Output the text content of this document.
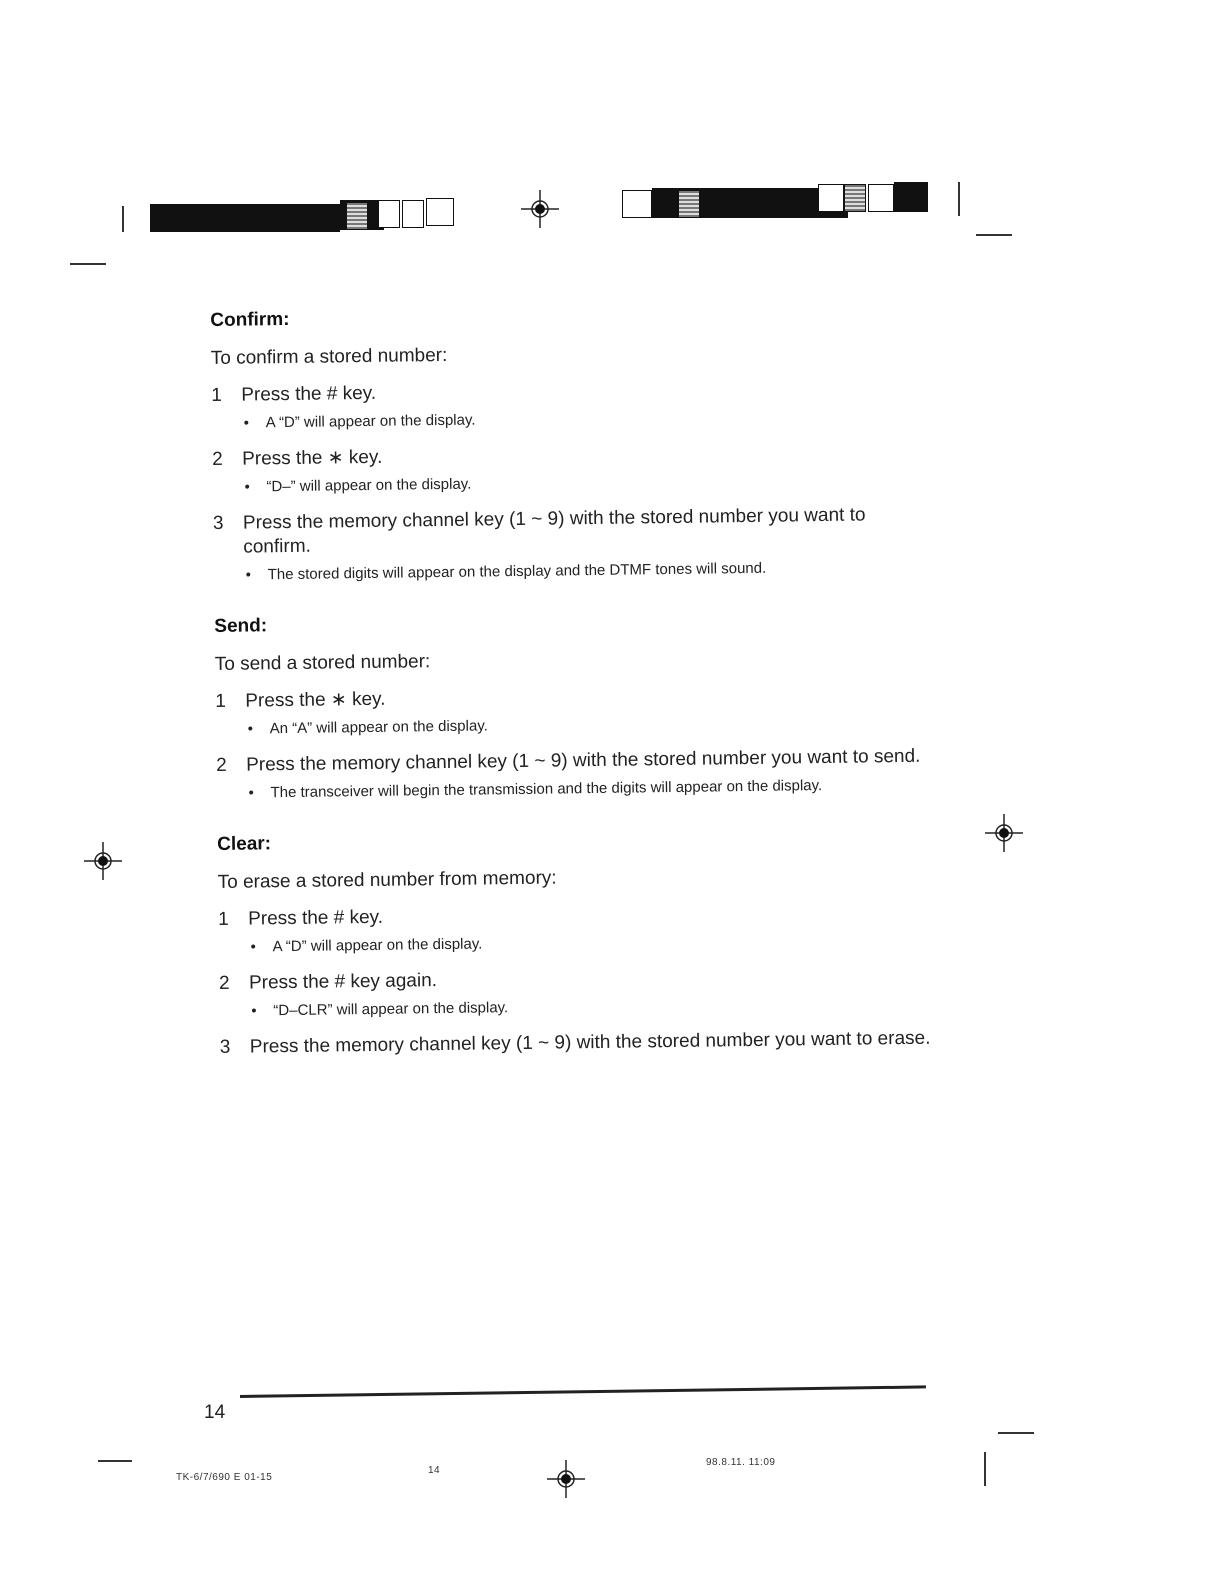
Confirm:
To confirm a stored number:
1	Press the # key.
• A “D” will appear on the display.
2	Press the ∗ key.
• “D–” will appear on the display.
3	Press the memory channel key (1 ~ 9) with the stored number you want to confirm.
• The stored digits will appear on the display and the DTMF tones will sound.
Send:
To send a stored number:
1	Press the ∗ key.
• An “A” will appear on the display.
2	Press the memory channel key (1 ~ 9) with the stored number you want to send.
• The transceiver will begin the transmission and the digits will appear on the display.
Clear:
To erase a stored number from memory:
1	Press the # key.
• A “D” will appear on the display.
2	Press the # key again.
• “D–CLR” will appear on the display.
3	Press the memory channel key (1 ~ 9) with the stored number you want to erase.
14
TK-6/7/690 E 01-15
14
98.8.11. 11:09
